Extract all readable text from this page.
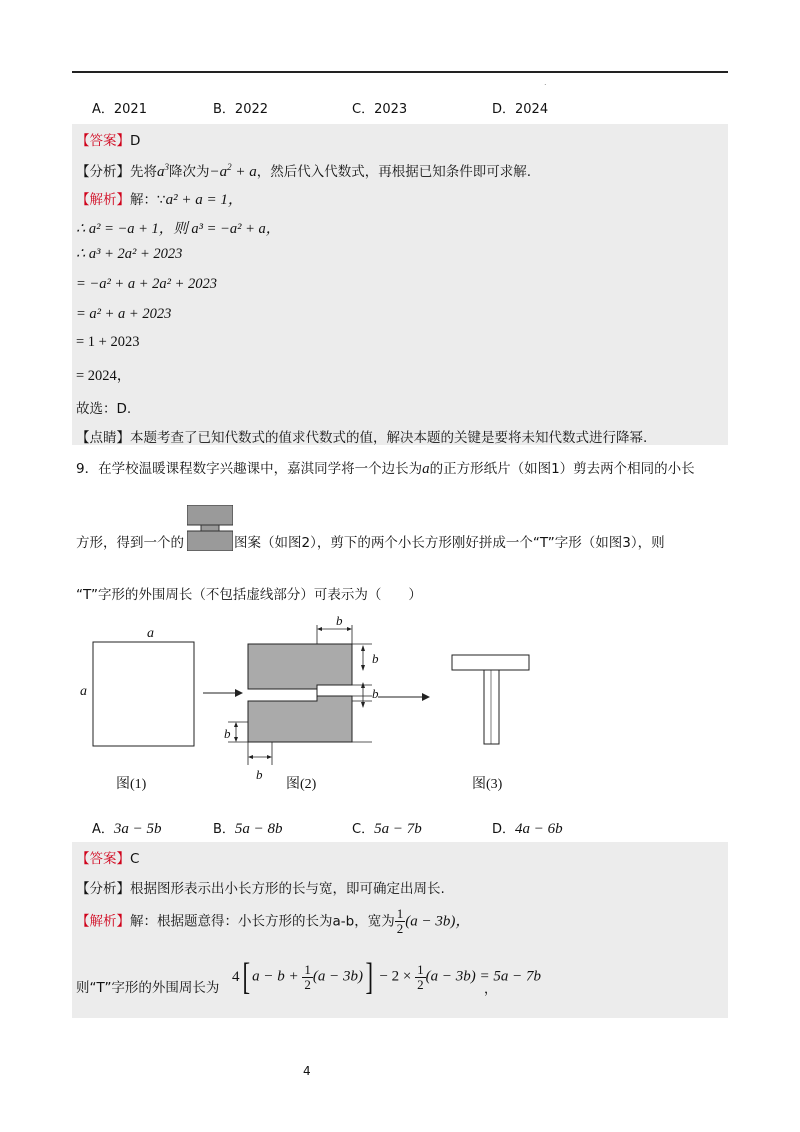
.
A．2021	B．2022	C．2023	D．2024
【答案】D
【分析】先将$a^3$降次为$-a^2 + a$，然后代入代数式，再根据已知条件即可求解.
【解析】解：∵a² + a = 1，
∴ a² = −a + 1，则 a³ = −a² + a，
∴ a³ + 2a² + 2023
= −a² + a + 2a² + 2023
= a² + a + 2023
= 1 + 2023
= 2024，
故选：D.
【点睛】本题考查了已知代数式的值求代数式的值，解决本题的关键是要将未知代数式进行降幂.
9．在学校温暖课程数字兴趣课中，嘉淇同学将一个边长为a的正方形纸片（如图1）剪去两个相同的小长
方形，得到一个的	图案（如图2），剪下的两个小长方形刚好拼成一个“T”字形（如图3），则
“T”字形的外围周长（不包括虚线部分）可表示为（　　）
a
a
b
b
b
b
b
图(1)	图(2)	图(3)
A．3a − 5b	B．5a − 8b	C．5a − 7b	D．4a − 6b
【答案】C
【分析】根据图形表示出小长方形的长与宽，即可确定出周长.
【解析】解：根据题意得：小长方形的长为a-b，宽为 $\frac{1}{2} (a - 3b)$，
则“T”字形的外围周长为
4[ $a - b + \frac{1}{2} (a - 3b)] - 2 \times \frac{1}{2} (a - 3b) = 5a - 7b$
，
4
